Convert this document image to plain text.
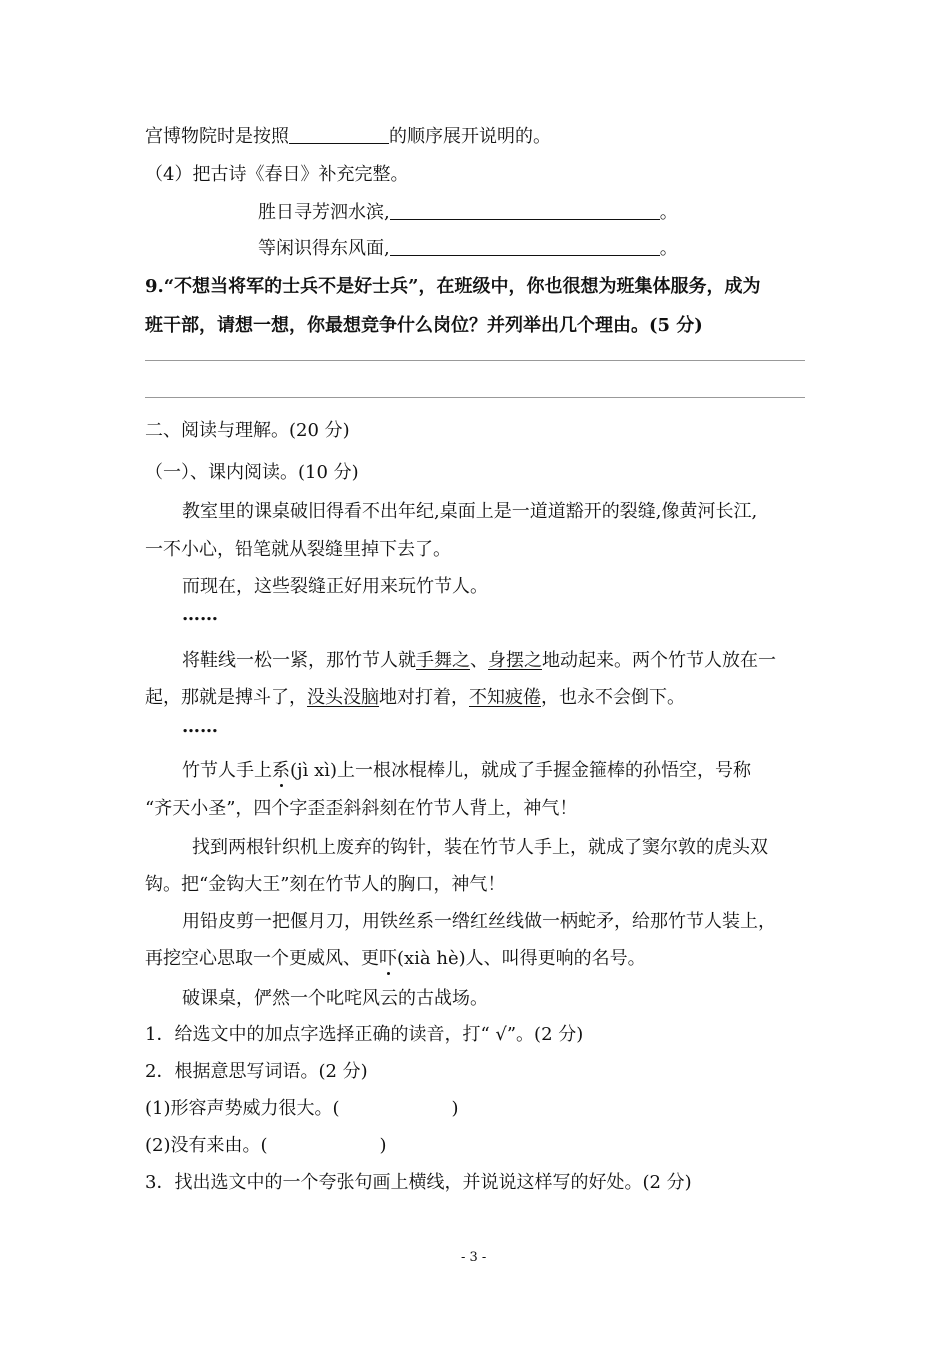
宫博物院时是按照	的顺序展开说明的。
（4）把古诗《春日》补充完整。
胜日寻芳泗水滨,	。
等闲识得东风面,	。
9.“不想当将军的士兵不是好士兵”，在班级中，你也很想为班集体服务，成为
班干部，请想一想，你最想竞争什么岗位？并列举出几个理由。(5 分)
二、阅读与理解。(20 分)
（一）、课内阅读。(10 分)
教室里的课桌破旧得看不出年纪,桌面上是一道道豁开的裂缝,像黄河长江,
一不小心，铅笔就从裂缝里掉下去了。
而现在，这些裂缝正好用来玩竹节人。
……
将鞋线一松一紧，那竹节人就手舞之、身摆之地动起来。两个竹节人放在一
起，那就是搏斗了，没头没脑地对打着，不知疲倦，也永不会倒下。
……
竹节人手上系(jì xì)上一根冰棍棒儿，就成了手握金箍棒的孙悟空，号称
“齐天小圣”，四个字歪歪斜斜刻在竹节人背上，神气！
找到两根针织机上废弃的钩针，装在竹节人手上，就成了窦尔敦的虎头双
钩。把“金钩大王”刻在竹节人的胸口，神气！
用铅皮剪一把偃月刀，用铁丝系一绺红丝线做一柄蛇矛，给那竹节人装上，
再挖空心思取一个更威风、更吓(xià hè)人、叫得更响的名号。
破课桌，俨然一个叱咤风云的古战场。
1．给选文中的加点字选择正确的读音，打“ √”。(2 分)
2．根据意思写词语。(2 分)
(1)形容声势威力很大。(	)
(2)没有来由。(	)
3．找出选文中的一个夸张句画上横线，并说说这样写的好处。(2 分)
- 3 -
